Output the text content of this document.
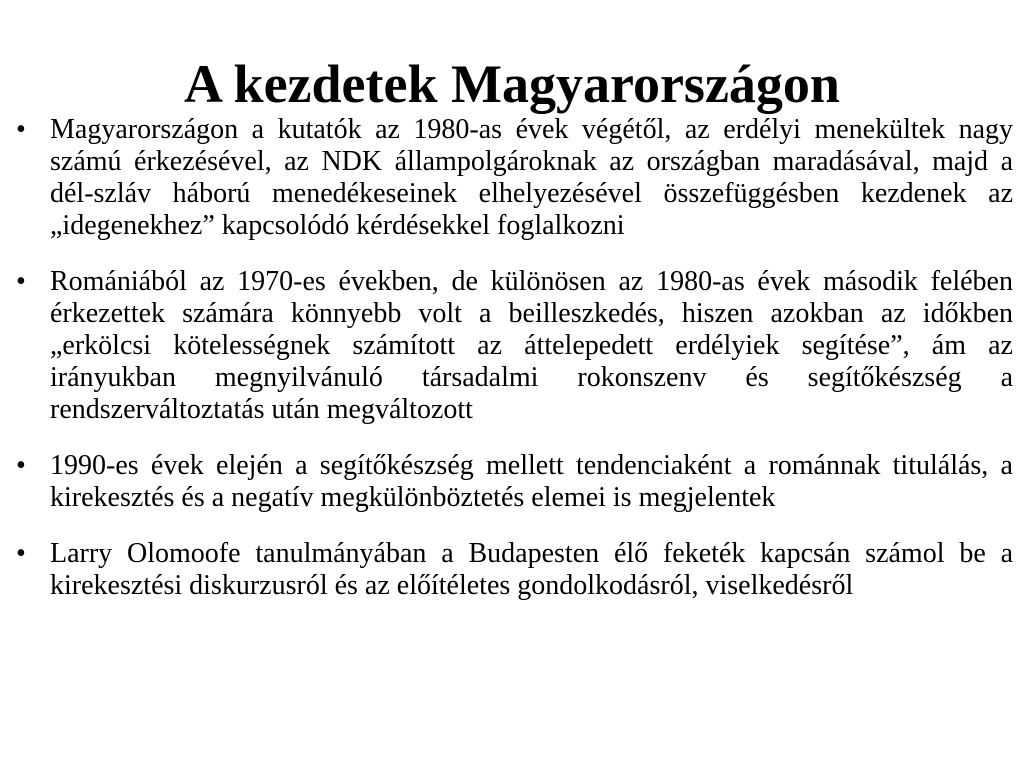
A kezdetek Magyarországon
• Magyarországon a kutatók az 1980-as évek végétől, az erdélyi menekültek nagy számú érkezésével, az NDK állampolgároknak az országban maradásával, majd a dél-szláv háború menedékeseinek elhelyezésével összefüggésben kezdenek az „idegenekhez” kapcsolódó kérdésekkel foglalkozni
• Romániából az 1970-es években, de különösen az 1980-as évek második felében érkezettek számára könnyebb volt a beilleszkedés, hiszen azokban az időkben „erkölcsi kötelességnek számított az áttelepedett erdélyiek segítése”, ám az irányukban megnyilvánuló társadalmi rokonszenv és segítőkészség a rendszerváltoztatás után megváltozott
• 1990-es évek elején a segítőkészség mellett tendenciaként a románnak titulálás, a kirekesztés és a negatív megkülönböztetés elemei is megjelentek
• Larry Olomoofe tanulmányában a Budapesten élő feketék kapcsán számol be a kirekesztési diskurzusról és az előítéletes gondolkodásról, viselkedésről
